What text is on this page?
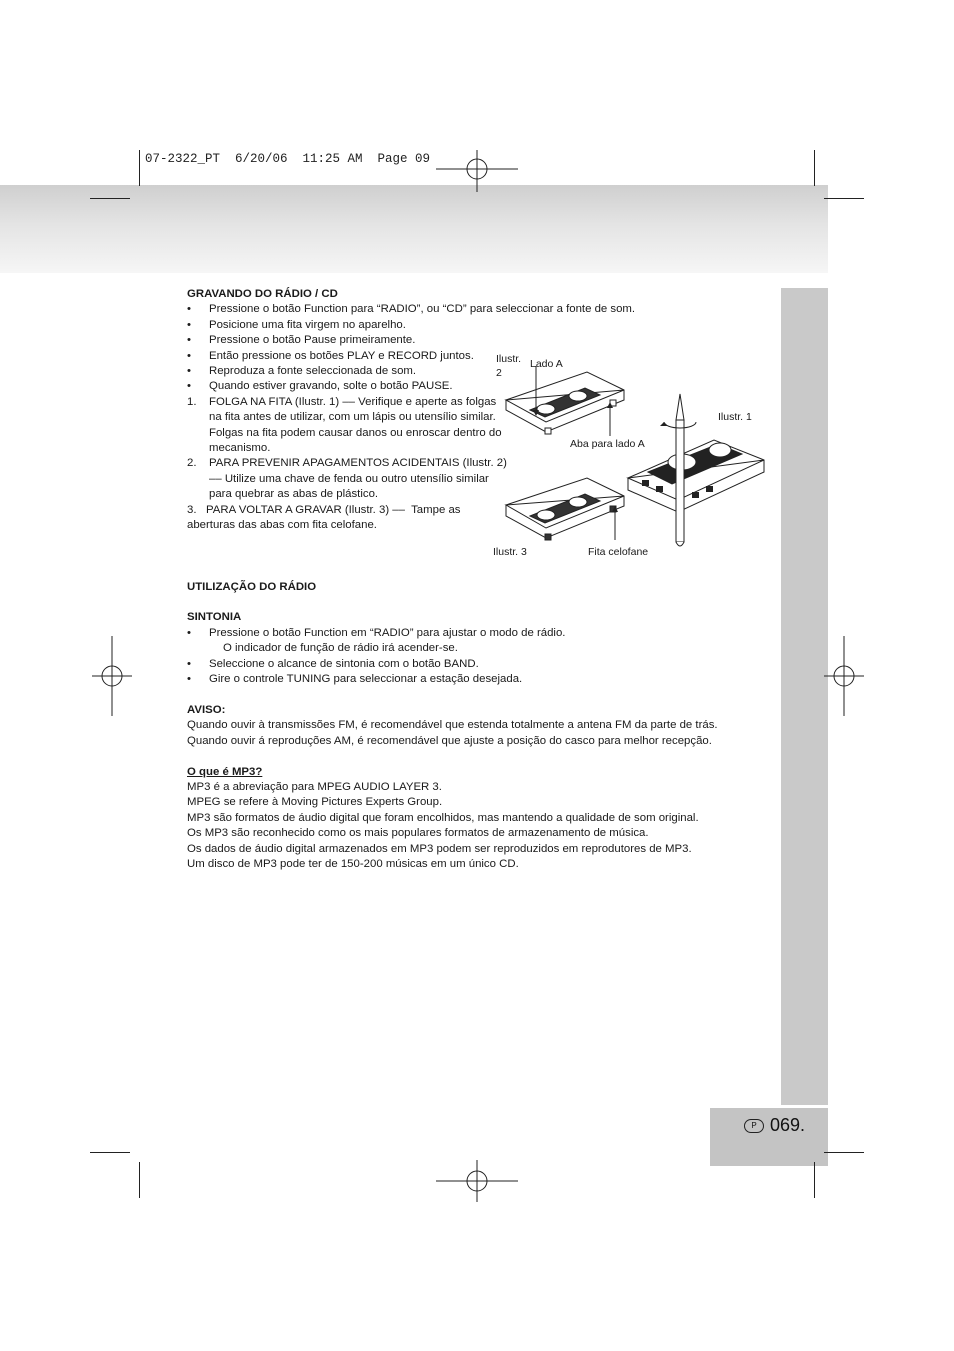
07-2322_PT  6/20/06  11:25 AM  Page 09
P 069.

GRAVANDO DO RÁDIO / CD

• Pressione o botão Function para “RADIO”, ou “CD” para seleccionar a fonte de som.

• Posicione uma fita virgem no aparelho.

• Pressione o botão Pause primeiramente.

• Então pressione os botões PLAY e RECORD juntos.

• Reproduza a fonte seleccionada de som.

• Quando estiver gravando, solte o botão PAUSE.

1. FOLGA NA FITA (Ilustr. 1) –– Verifique e aperte as folgas na fita antes de utilizar, com um lápis ou utensílio similar. Folgas na fita podem causar danos ou enroscar dentro do mecanismo.
2. PARA PREVENIR APAGAMENTOS ACIDENTAIS (Ilustr. 2) –– Utilize uma chave de fenda ou outro utensílio similar para quebrar as abas de plástico.

3.   PARA VOLTAR A GRAVAR (Ilustr. 3) ––  Tampe as aberturas das abas com fita celofane.

UTILIZAÇÃO DO RÁDIO

SINTONIA

• Pressione o botão Function em “RADIO” para ajustar o modo de rádio.

O indicador de função de rádio irá acender-se.

• Seleccione o alcance de sintonia com o botão BAND.

• Gire o controle TUNING para seleccionar a estação desejada.

AVISO:

Quando ouvir à transmissões FM, é recomendável que estenda totalmente a antena FM da parte de trás.

Quando ouvir á reproduções AM, é recomendável que ajuste a posição do casco para melhor recepção.

O que é MP3?

MP3 é a abreviação para MPEG AUDIO LAYER 3.

MPEG se refere à Moving Pictures Experts Group.

MP3 são formatos de áudio digital que foram encolhidos, mas mantendo a qualidade de som original.

Os MP3 são reconhecido como os mais populares formatos de armazenamento de música.

Os dados de áudio digital armazenados em MP3 podem ser reproduzidos em reprodutores de MP3.

Um disco de MP3 pode ter de 150-200 músicas em um único CD.

Ilustr.
2
Lado A
Ilustr. 1
Aba para lado A
Ilustr. 3	Fita celofane
